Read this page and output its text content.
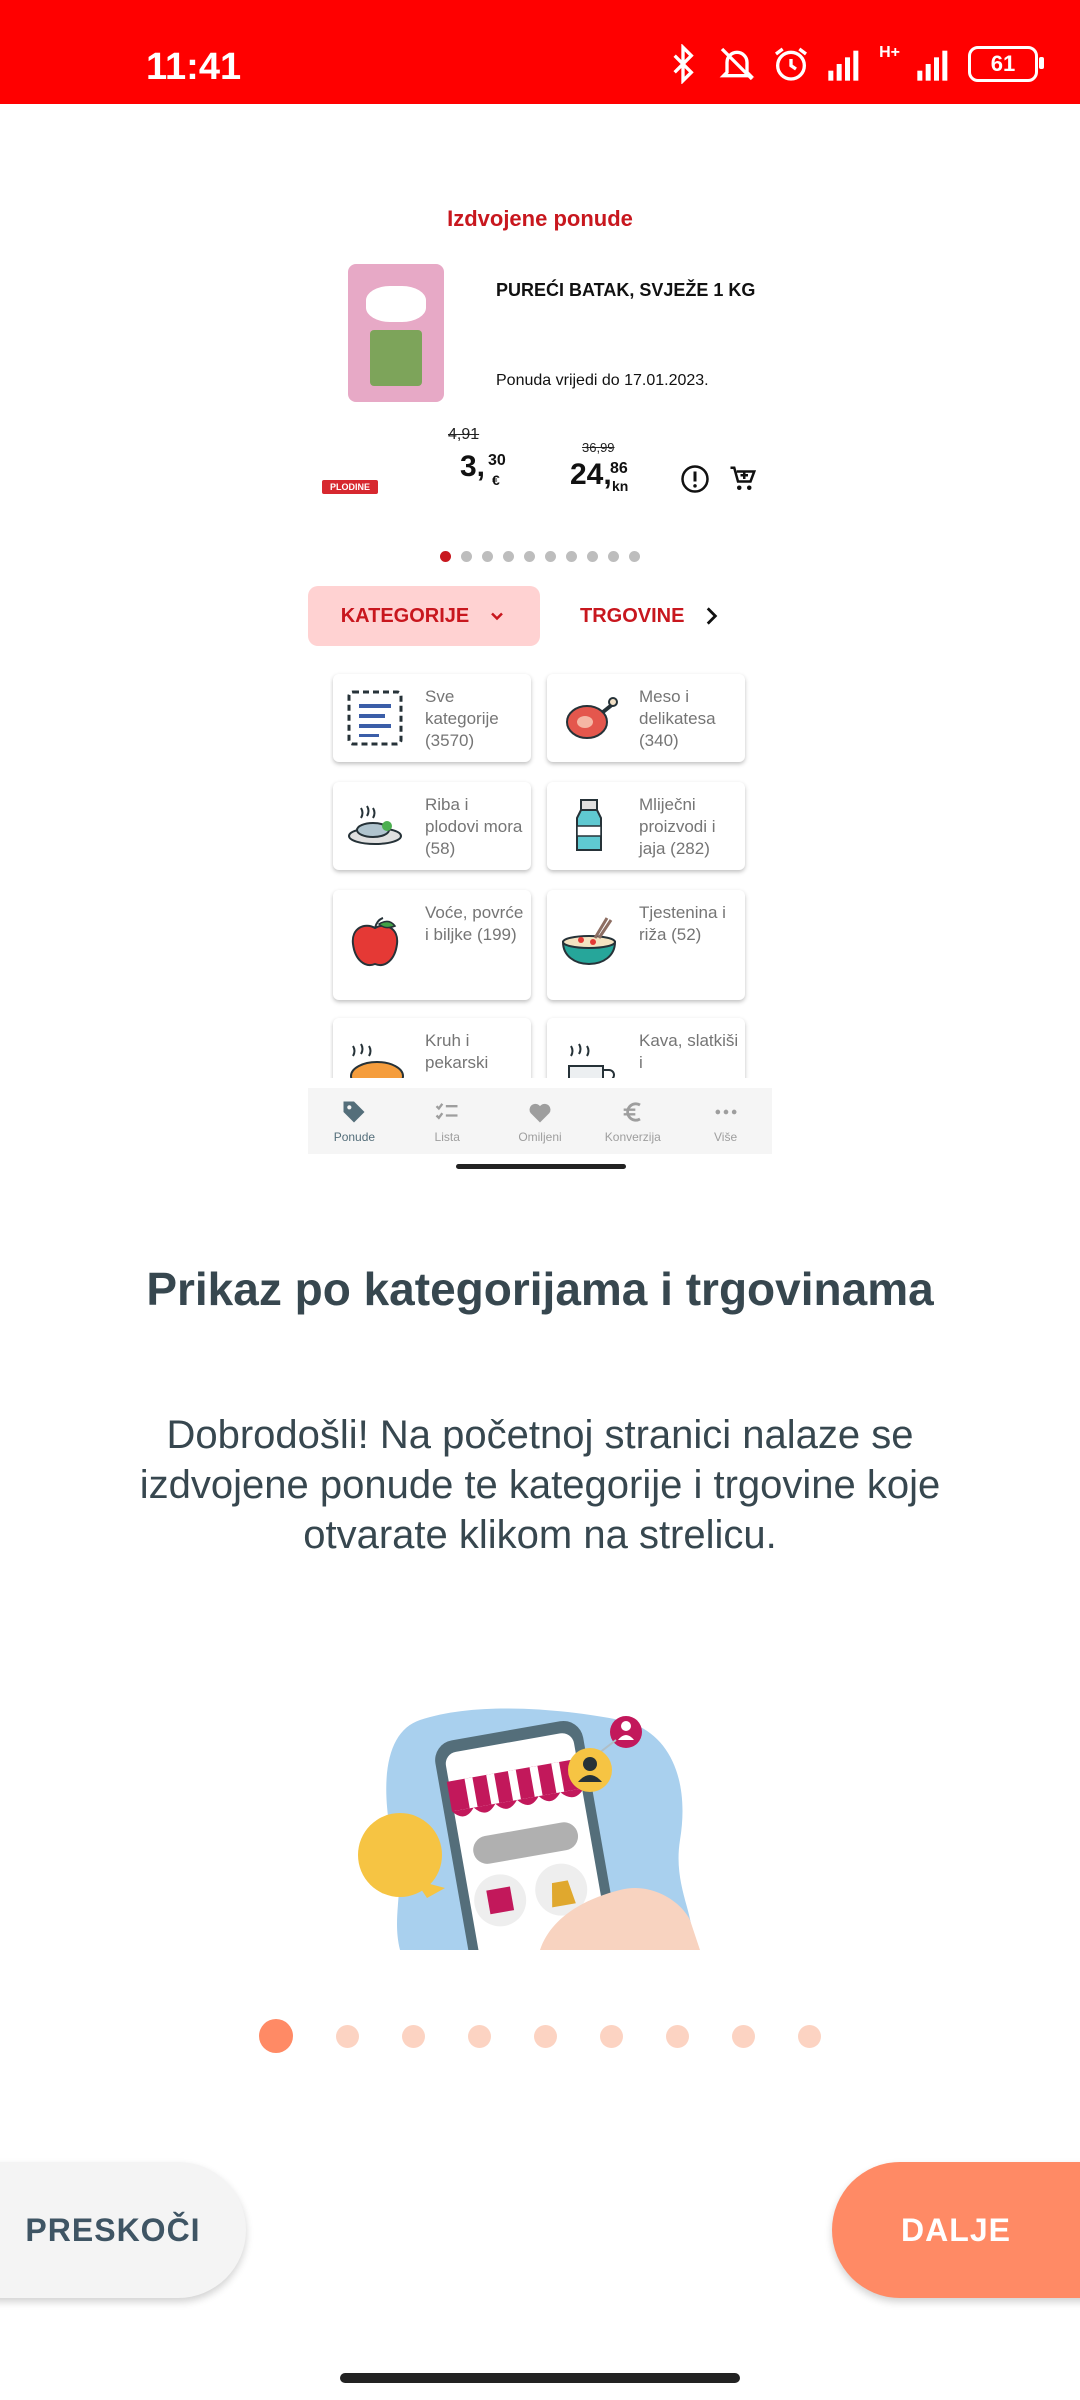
11:41	H+	61
Izdvojene ponude
PUREĆI BATAK, SVJEŽE 1 KG
Ponuda vrijedi do 17.01.2023.
PLODINE
4,91
3, 30
€
36,99
24,
86
kn
KATEGORIJE	TRGOVINE
Sve kategorije (3570)
Meso i delikatesa (340)
Riba i plodovi mora (58)
Mliječni proizvodi i jaja (282)
Voće, povrće i biljke (199)
Tjestenina i riža (52)
Kruh i pekarski
Kava, slatkiši i
Ponude	Lista	Omiljeni	Konverzija	Više
Prikaz po kategorijama i trgovinama
Dobrodošli! Na početnoj stranici nalaze se izdvojene ponude te kategorije i trgovine koje otvarate klikom na strelicu.
PRESKOČI	DALJE
